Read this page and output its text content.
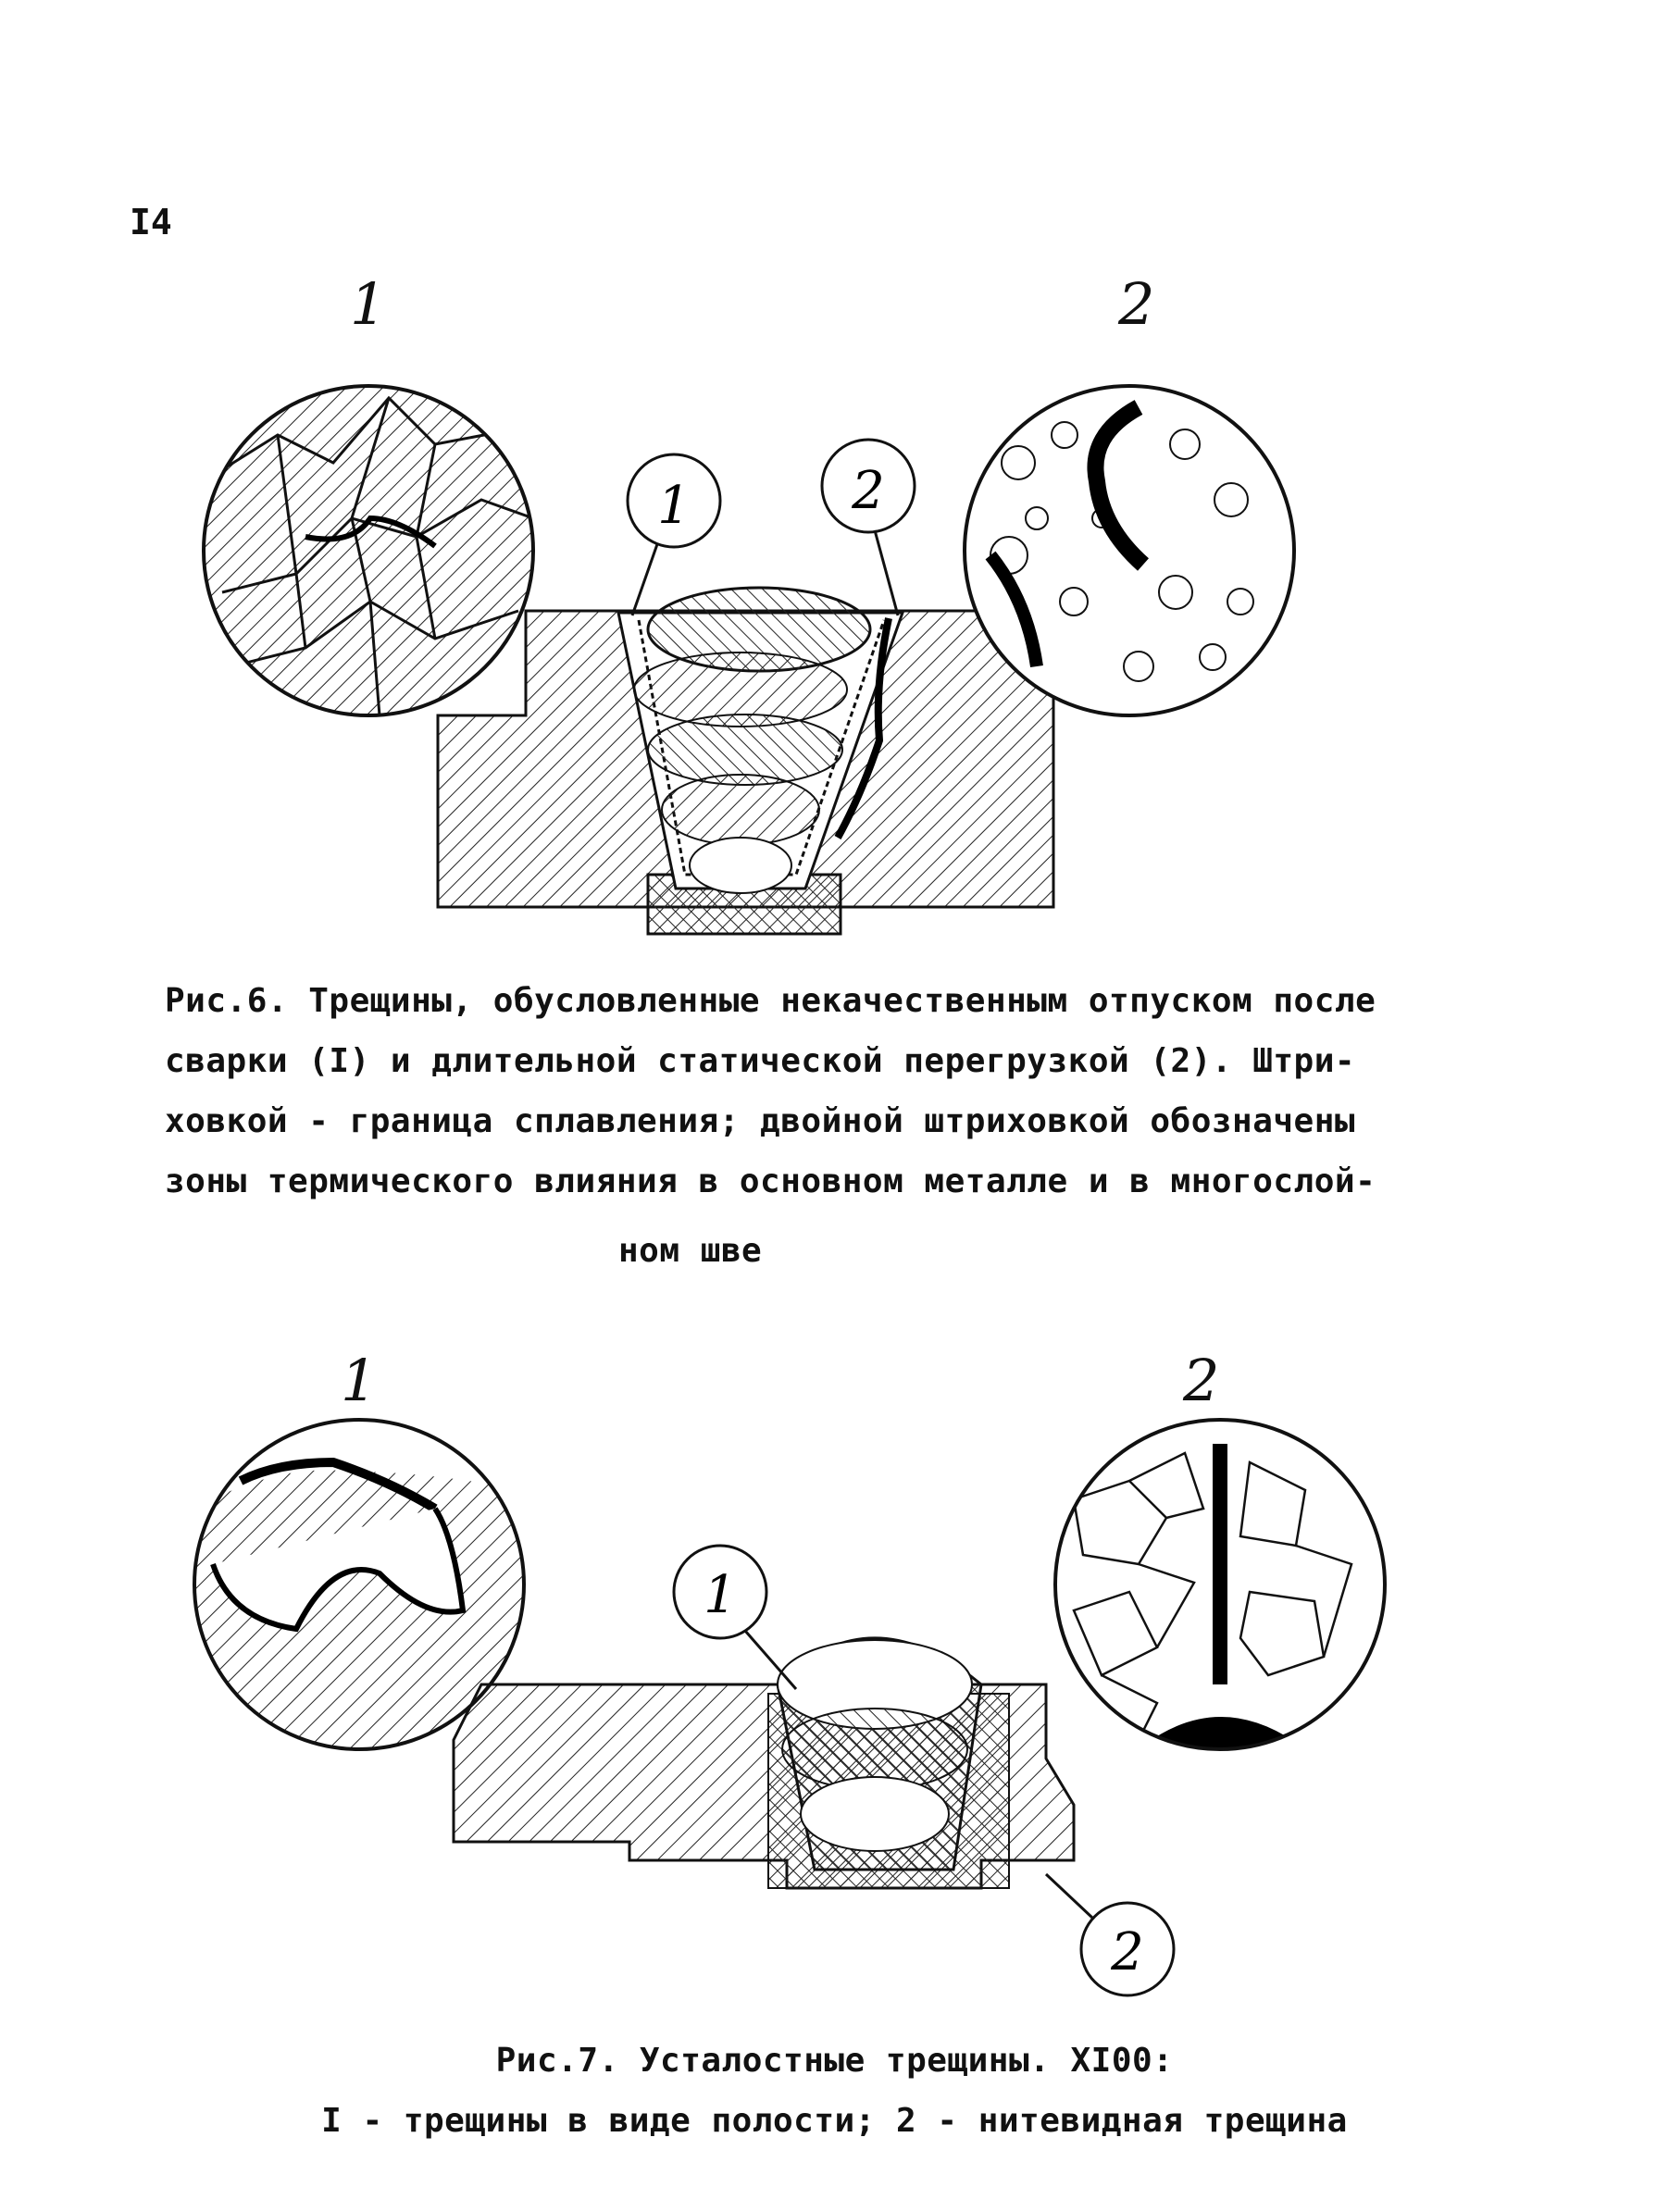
I4
1	2
1	2
Рис.6. Трещины, обусловленные некачественным отпуском после
сварки (I) и длительной статической перегрузкой (2). Штри-
ховкой - граница сплавления; двойной штриховкой обозначены
зоны термического влияния в основном металле и в многослой-
ном шве
1	2
1
2
Рис.7. Усталостные трещины. XI00:
I - трещины в виде полости; 2 - нитевидная трещина
